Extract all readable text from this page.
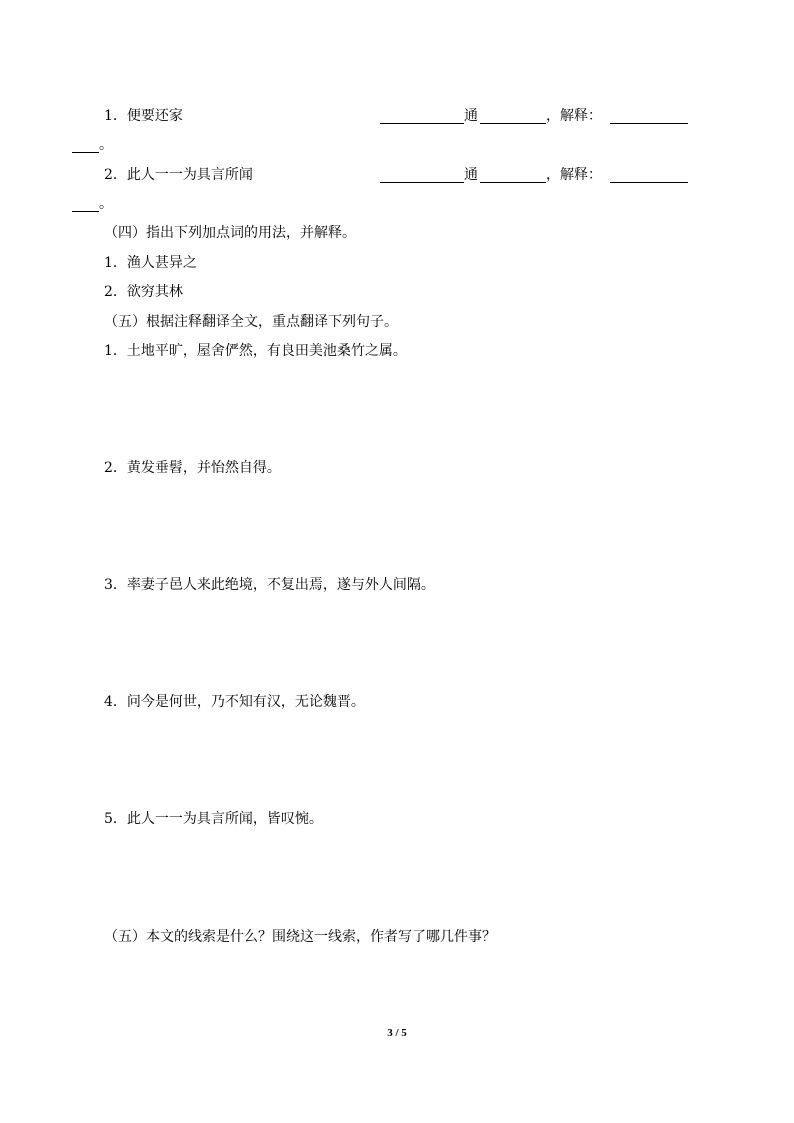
1．便要还家	通	，解释：
。
2．此人一一为具言所闻	通	，解释：
。
（四）指出下列加点词的用法，并解释。
1．渔人甚异之
2．欲穷其林
（五）根据注释翻译全文，重点翻译下列句子。
1．土地平旷，屋舍俨然，有良田美池桑竹之属。
2．黄发垂髫，并怡然自得。
3．率妻子邑人来此绝境，不复出焉，遂与外人间隔。
4．问今是何世，乃不知有汉，无论魏晋。
5．此人一一为具言所闻，皆叹惋。
（五）本文的线索是什么？围绕这一线索，作者写了哪几件事？
3 / 5
